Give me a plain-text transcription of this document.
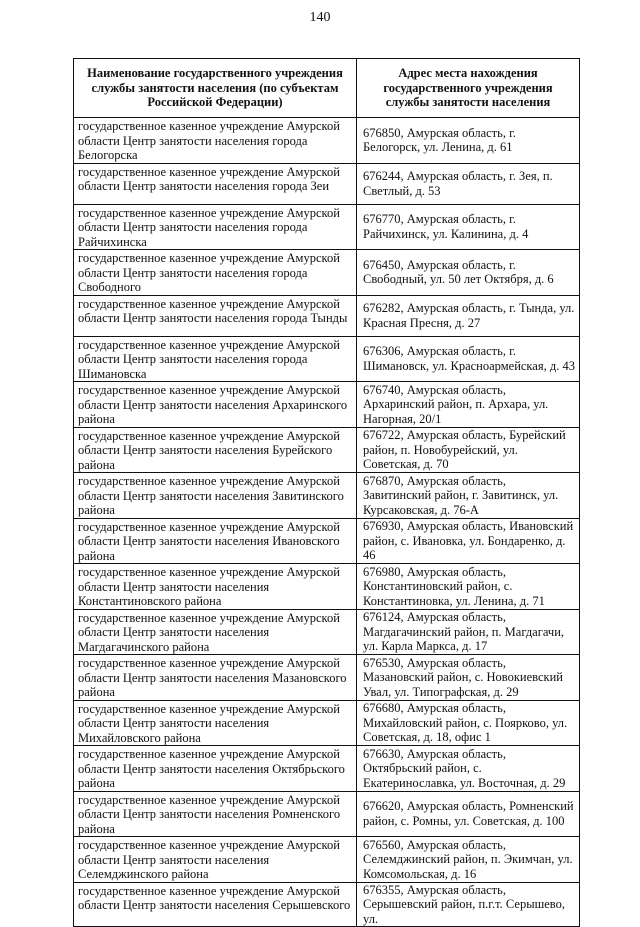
140
Наименование государственного учреждения службы занятости населения (по субъектам Российской Федерации)	Адрес места нахождения государственного учреждения службы занятости населения
государственное казенное учреждение Амурской области Центр занятости населения города Белогорска	676850, Амурская область, г. Белогорск, ул. Ленина, д. 61
государственное казенное учреждение Амурской области Центр занятости населения города Зеи	676244, Амурская область, г. Зея, п. Светлый, д. 53
государственное казенное учреждение Амурской области Центр занятости населения города Райчихинска	676770, Амурская область, г. Райчихинск, ул. Калинина, д. 4
государственное казенное учреждение Амурской области Центр занятости населения города Свободного	676450, Амурская область, г. Свободный, ул. 50 лет Октября, д. 6
государственное казенное учреждение Амурской области Центр занятости населения города Тынды	676282, Амурская область, г. Тында, ул. Красная Пресня, д. 27
государственное казенное учреждение Амурской области Центр занятости населения города Шимановска	676306, Амурская область, г. Шимановск, ул. Красноармейская, д. 43
государственное казенное учреждение Амурской области Центр занятости населения Архаринского района	676740, Амурская область, Архаринский район, п. Архара, ул. Нагорная, 20/1
государственное казенное учреждение Амурской области Центр занятости населения Бурейского района	676722, Амурская область, Бурейский район, п. Новобурейский, ул. Советская, д. 70
государственное казенное учреждение Амурской области Центр занятости населения Завитинского района	676870, Амурская область, Завитинский район, г. Завитинск, ул. Курсаковская, д. 76-А
государственное казенное учреждение Амурской области Центр занятости населения Ивановского района	676930, Амурская область, Ивановский район, с. Ивановка, ул. Бондаренко, д. 46
государственное казенное учреждение Амурской области Центр занятости населения Константиновского района	676980, Амурская область, Константиновский район, с. Константиновка, ул. Ленина, д. 71
государственное казенное учреждение Амурской области Центр занятости населения Магдагачинского района	676124, Амурская область, Магдагачинский район, п. Магдагачи, ул. Карла Маркса, д. 17
государственное казенное учреждение Амурской области Центр занятости населения Мазановского района	676530, Амурская область, Мазановский район, с. Новокиевский Увал, ул. Типографская, д. 29
государственное казенное учреждение Амурской области Центр занятости населения Михайловского района	676680, Амурская область, Михайловский район, с. Поярково, ул. Советская, д. 18, офис 1
государственное казенное учреждение Амурской области Центр занятости населения Октябрьского района	676630, Амурская область, Октябрьский район, с. Екатеринославка, ул. Восточная, д. 29
государственное казенное учреждение Амурской области Центр занятости населения Ромненского района	676620, Амурская область, Ромненский район, с. Ромны, ул. Советская, д. 100
государственное казенное учреждение Амурской области Центр занятости населения Селемджинского района	676560, Амурская область, Селемджинский район, п. Экимчан, ул. Комсомольская, д. 16
государственное казенное учреждение Амурской области Центр занятости населения Серышевского	676355, Амурская область, Серышевский район, п.г.т. Серышево, ул.
